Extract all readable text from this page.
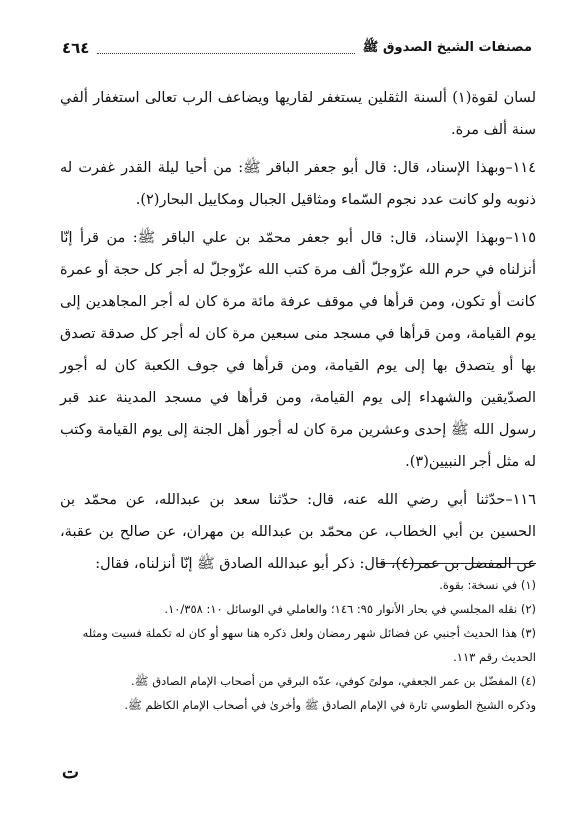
مصنفات الشيخ الصدوق ﷺ
٤٦٤

لسان لقوة(١) ألسنة الثقلين يستغفر لقاريها ويضاعف الرب تعالى استغفار ألفي سنة ألف مرة.

١١٤–وبهذا الإسناد، قال: قال أبو جعفر الباقر ﷺ: من أحيا ليلة القدر غفرت له ذنوبه ولو كانت عدد نجوم السّماء ومثاقيل الجبال ومكاييل البحار(٢).

١١٥–وبهذا الإسناد، قال: قال أبو جعفر محمّد بن علي الباقر ﷺ: من قرأ إنّا أنزلناه في حرم الله عزّوجلّ ألف مرة كتب الله عزّوجلّ له أجر كل حجة أو عمرة كانت أو تكون، ومن قرأها في موقف عرفة مائة مرة كان له أجر المجاهدين إلى يوم القيامة، ومن قرأها في مسجد منى سبعين مرة كان له أجر كل صدقة تصدق بها أو يتصدق بها إلى يوم القيامة، ومن قرأها في جوف الكعبة كان له أجور الصدّيقين والشهداء إلى يوم القيامة، ومن قرأها في مسجد المدينة عند قبر رسول الله ﷺ إحدى وعشرين مرة كان له أجور أهل الجنة إلى يوم القيامة وكتب له مثل أجر النبيين(٣).

١١٦–حدّثنا أبي رضي الله عنه، قال: حدّثنا سعد بن عبدالله، عن محمّد بن الحسين بن أبي الخطاب، عن محمّد بن عبدالله بن مهران، عن صالح بن عقبة، عن المفضل بن عمر(٤)، قال: ذكر أبو عبدالله الصادق ﷺ إنّا أنزلناه، فقال:

(١) في نسخة: بقوة.
(٢) نقله المجلسي في بحار الأنوار ٩٥: ١٤٦؛ والعاملي في الوسائل ١٠: ١٠/٣٥٨.
(٣) هذا الحديث أجنبي عن فضائل شهر رمضان ولعل ذكره هنا سهو أو كان له تكملة فسيت ومثله الحديث رقم ١١٣.
(٤) المفضّل بن عمر الجعفي، مولىً كوفي، عدّه البرقي من أصحاب الإمام الصادق ﷺ.
وذكره الشيخ الطوسي تارة في الإمام الصادق ﷺ وأخرىٰ في أصحاب الإمام الكاظم ﷺ.
ت
